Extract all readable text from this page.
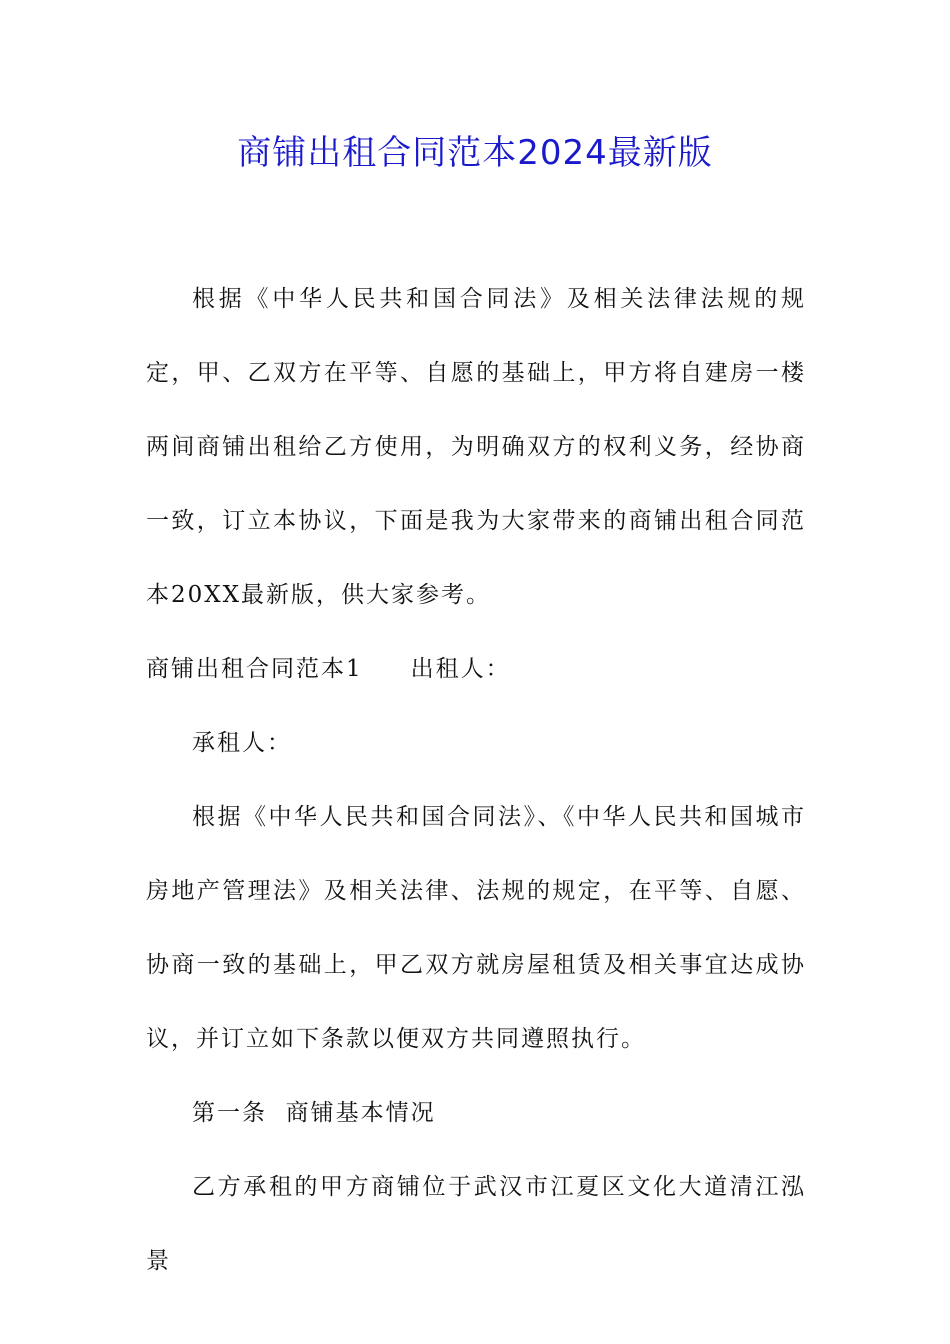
商铺出租合同范本2024最新版

根据《中华人民共和国合同法》及相关法律法规的规定，甲、乙双方在平等、自愿的基础上，甲方将自建房一楼两间商铺出租给乙方使用，为明确双方的权利义务，经协商一致，订立本协议，下面是我为大家带来的商铺出租合同范本20XX最新版，供大家参考。

商铺出租合同范本1 出租人：

承租人：

根据《中华人民共和国合同法》、《中华人民共和国城市房地产管理法》及相关法律、法规的规定，在平等、自愿、协商一致的基础上，甲乙双方就房屋租赁及相关事宜达成协议，并订立如下条款以便双方共同遵照执行。

第一条  商铺基本情况

乙方承租的甲方商铺位于武汉市江夏区文化大道清江泓景
